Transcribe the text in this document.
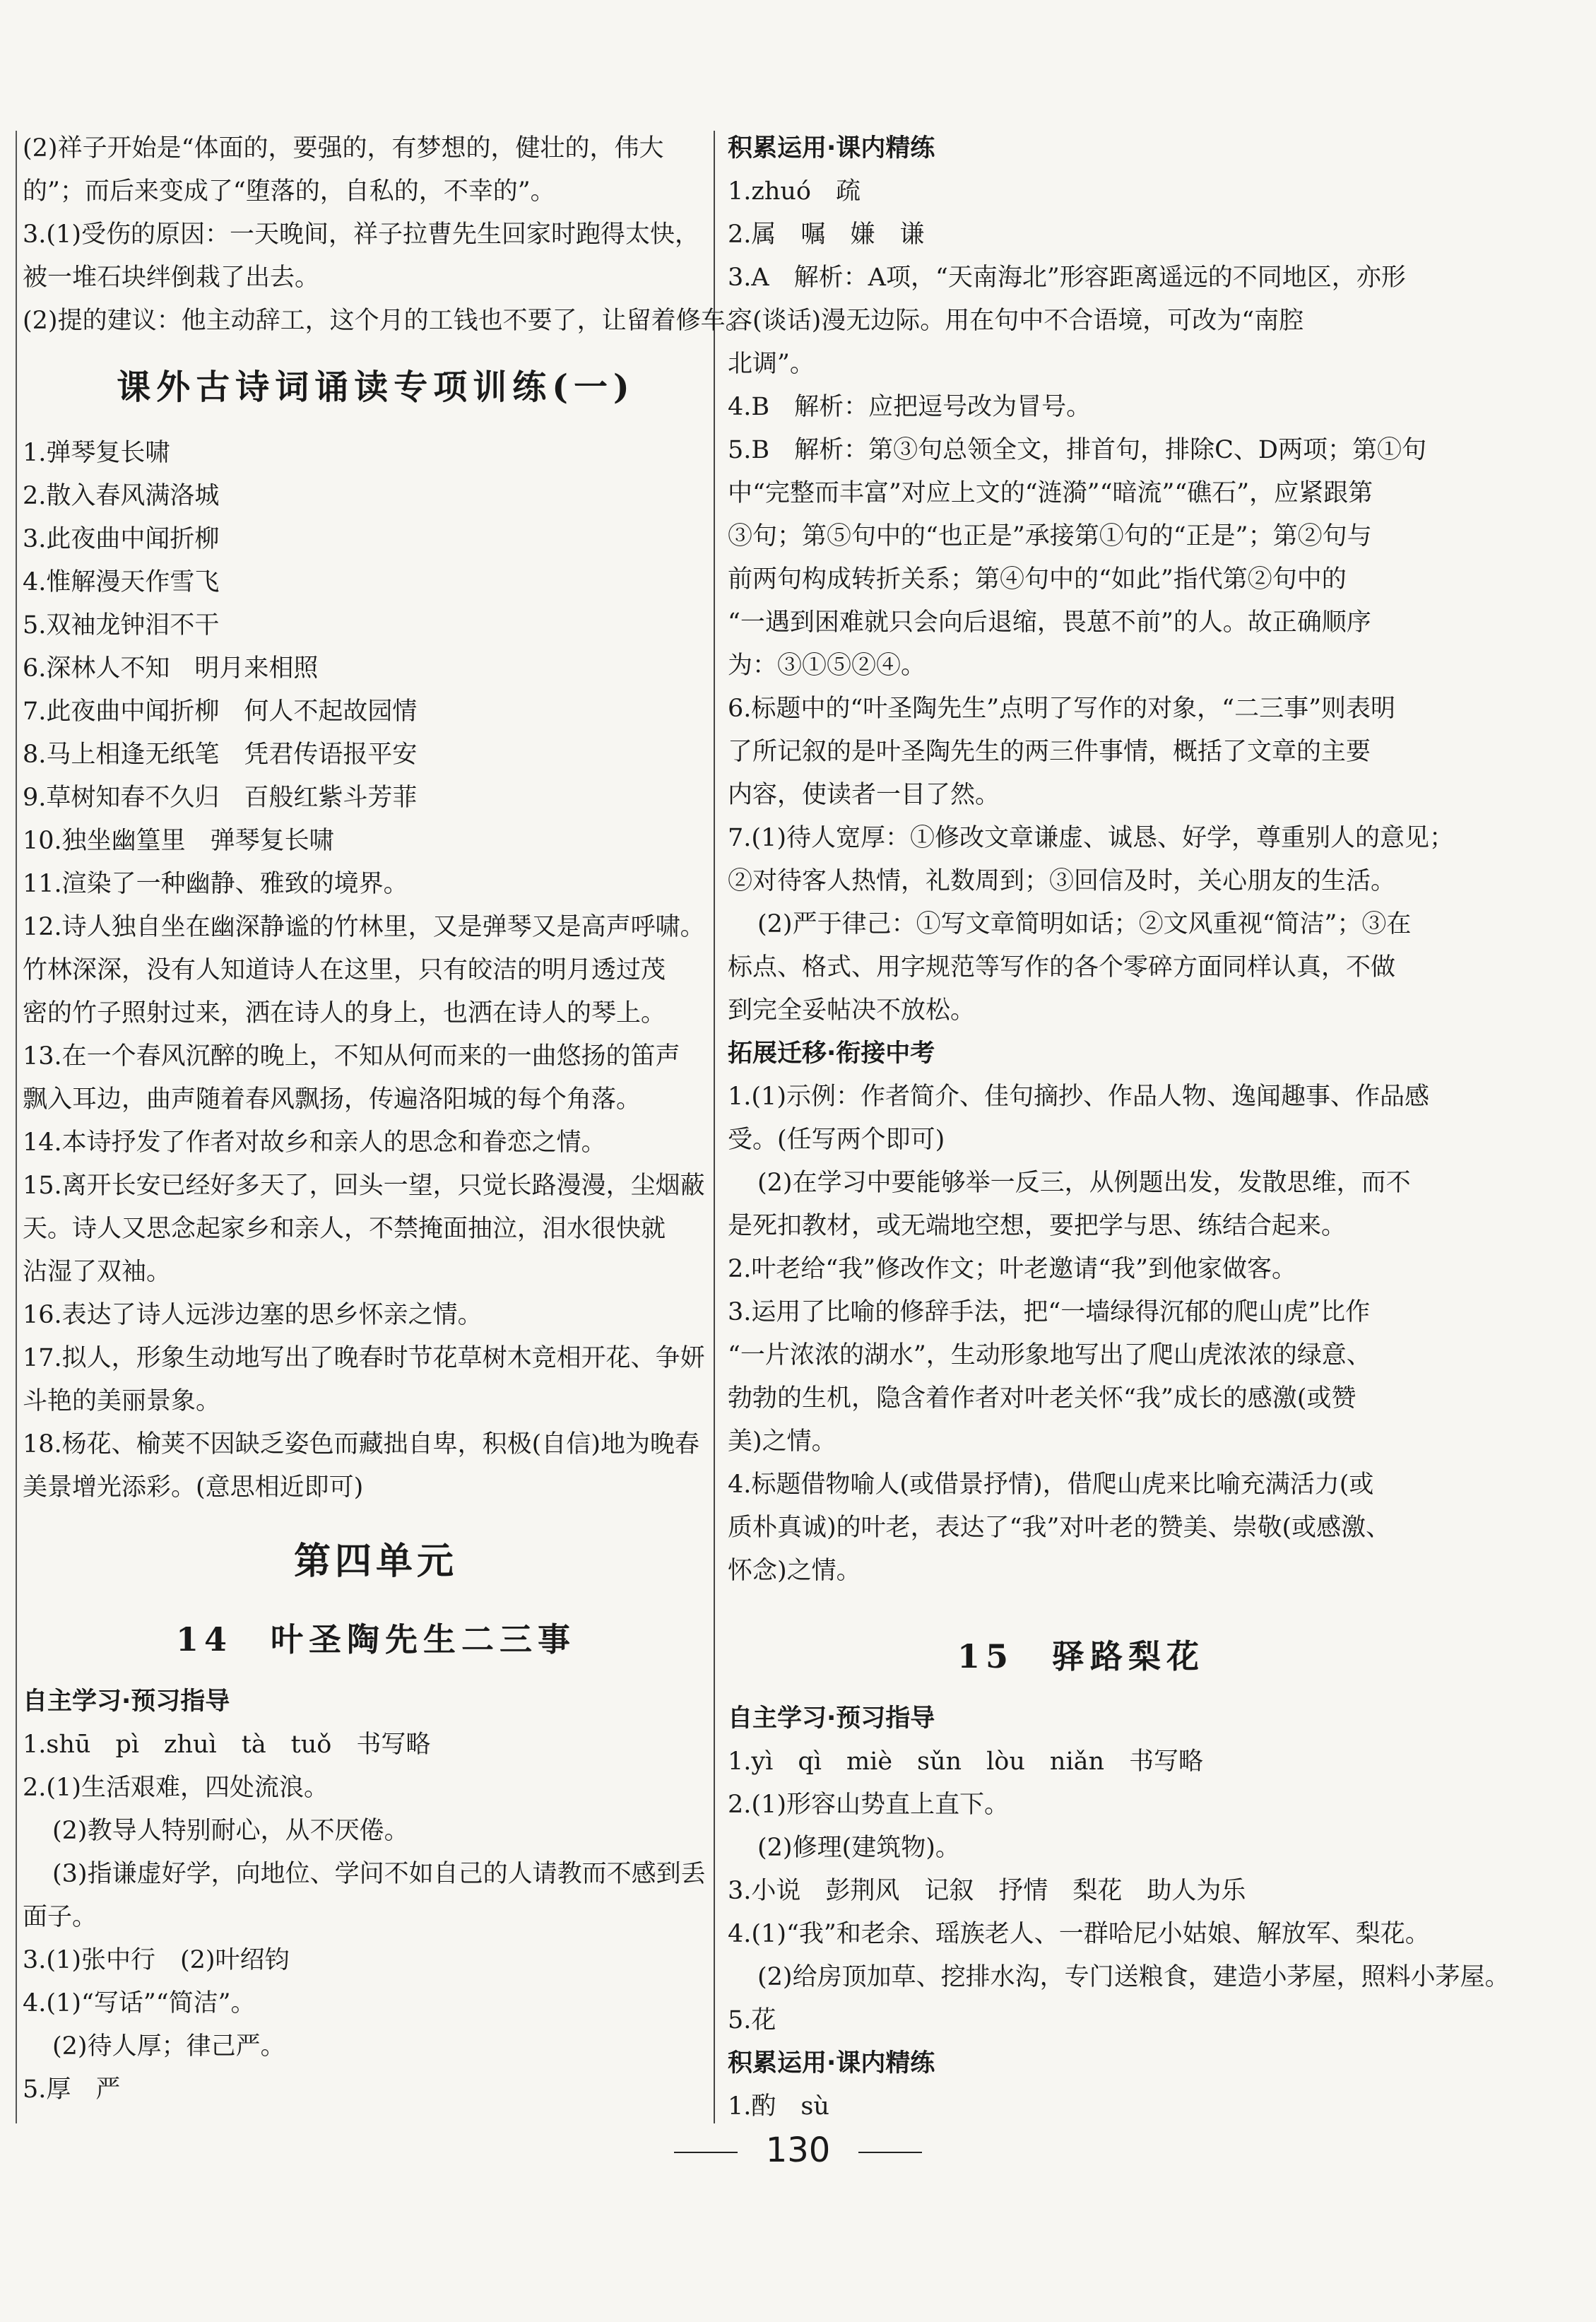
(2)祥子开始是“体面的，要强的，有梦想的，健壮的，伟大
的”；而后来变成了“堕落的，自私的，不幸的”。
3.(1)受伤的原因：一天晚间，祥子拉曹先生回家时跑得太快，
被一堆石块绊倒栽了出去。
(2)提的建议：他主动辞工，这个月的工钱也不要了，让留着修车。
课外古诗词诵读专项训练(一)
1.弹琴复长啸
2.散入春风满洛城
3.此夜曲中闻折柳
4.惟解漫天作雪飞
5.双袖龙钟泪不干
6.深林人不知　明月来相照
7.此夜曲中闻折柳　何人不起故园情
8.马上相逢无纸笔　凭君传语报平安
9.草树知春不久归　百般红紫斗芳菲
10.独坐幽篁里　弹琴复长啸
11.渲染了一种幽静、雅致的境界。
12.诗人独自坐在幽深静谧的竹林里，又是弹琴又是高声呼啸。
竹林深深，没有人知道诗人在这里，只有皎洁的明月透过茂
密的竹子照射过来，洒在诗人的身上，也洒在诗人的琴上。
13.在一个春风沉醉的晚上，不知从何而来的一曲悠扬的笛声
飘入耳边，曲声随着春风飘扬，传遍洛阳城的每个角落。
14.本诗抒发了作者对故乡和亲人的思念和眷恋之情。
15.离开长安已经好多天了，回头一望，只觉长路漫漫，尘烟蔽
天。诗人又思念起家乡和亲人，不禁掩面抽泣，泪水很快就
沾湿了双袖。
16.表达了诗人远涉边塞的思乡怀亲之情。
17.拟人，形象生动地写出了晚春时节花草树木竞相开花、争妍
斗艳的美丽景象。
18.杨花、榆荚不因缺乏姿色而藏拙自卑，积极(自信)地为晚春
美景增光添彩。(意思相近即可)
第四单元
14　叶圣陶先生二三事
自主学习·预习指导
1.shū　pì　zhuì　tà　tuǒ　书写略
2.(1)生活艰难，四处流浪。
(2)教导人特别耐心，从不厌倦。
(3)指谦虚好学，向地位、学问不如自己的人请教而不感到丢
面子。
3.(1)张中行　(2)叶绍钧
4.(1)“写话”“简洁”。
(2)待人厚；律己严。
5.厚　严
积累运用·课内精练
1.zhuó　疏
2.属　嘱　嫌　谦
3.A　解析：A项，“天南海北”形容距离遥远的不同地区，亦形
容(谈话)漫无边际。用在句中不合语境，可改为“南腔
北调”。
4.B　解析：应把逗号改为冒号。
5.B　解析：第③句总领全文，排首句，排除C、D两项；第①句
中“完整而丰富”对应上文的“涟漪”“暗流”“礁石”，应紧跟第
③句；第⑤句中的“也正是”承接第①句的“正是”；第②句与
前两句构成转折关系；第④句中的“如此”指代第②句中的
“一遇到困难就只会向后退缩，畏葸不前”的人。故正确顺序
为：③①⑤②④。
6.标题中的“叶圣陶先生”点明了写作的对象，“二三事”则表明
了所记叙的是叶圣陶先生的两三件事情，概括了文章的主要
内容，使读者一目了然。
7.(1)待人宽厚：①修改文章谦虚、诚恳、好学，尊重别人的意见；
②对待客人热情，礼数周到；③回信及时，关心朋友的生活。
(2)严于律己：①写文章简明如话；②文风重视“简洁”；③在
标点、格式、用字规范等写作的各个零碎方面同样认真，不做
到完全妥帖决不放松。
拓展迁移·衔接中考
1.(1)示例：作者简介、佳句摘抄、作品人物、逸闻趣事、作品感
受。(任写两个即可)
(2)在学习中要能够举一反三，从例题出发，发散思维，而不
是死扣教材，或无端地空想，要把学与思、练结合起来。
2.叶老给“我”修改作文；叶老邀请“我”到他家做客。
3.运用了比喻的修辞手法，把“一墙绿得沉郁的爬山虎”比作
“一片浓浓的湖水”，生动形象地写出了爬山虎浓浓的绿意、
勃勃的生机，隐含着作者对叶老关怀“我”成长的感激(或赞
美)之情。
4.标题借物喻人(或借景抒情)，借爬山虎来比喻充满活力(或
质朴真诚)的叶老，表达了“我”对叶老的赞美、崇敬(或感激、
怀念)之情。
15　驿路梨花
自主学习·预习指导
1.yì　qì　miè　sǔn　lòu　niǎn　书写略
2.(1)形容山势直上直下。
(2)修理(建筑物)。
3.小说　彭荆风　记叙　抒情　梨花　助人为乐
4.(1)“我”和老余、瑶族老人、一群哈尼小姑娘、解放军、梨花。
(2)给房顶加草、挖排水沟，专门送粮食，建造小茅屋，照料小茅屋。
5.花
积累运用·课内精练
1.酌　sù
130
